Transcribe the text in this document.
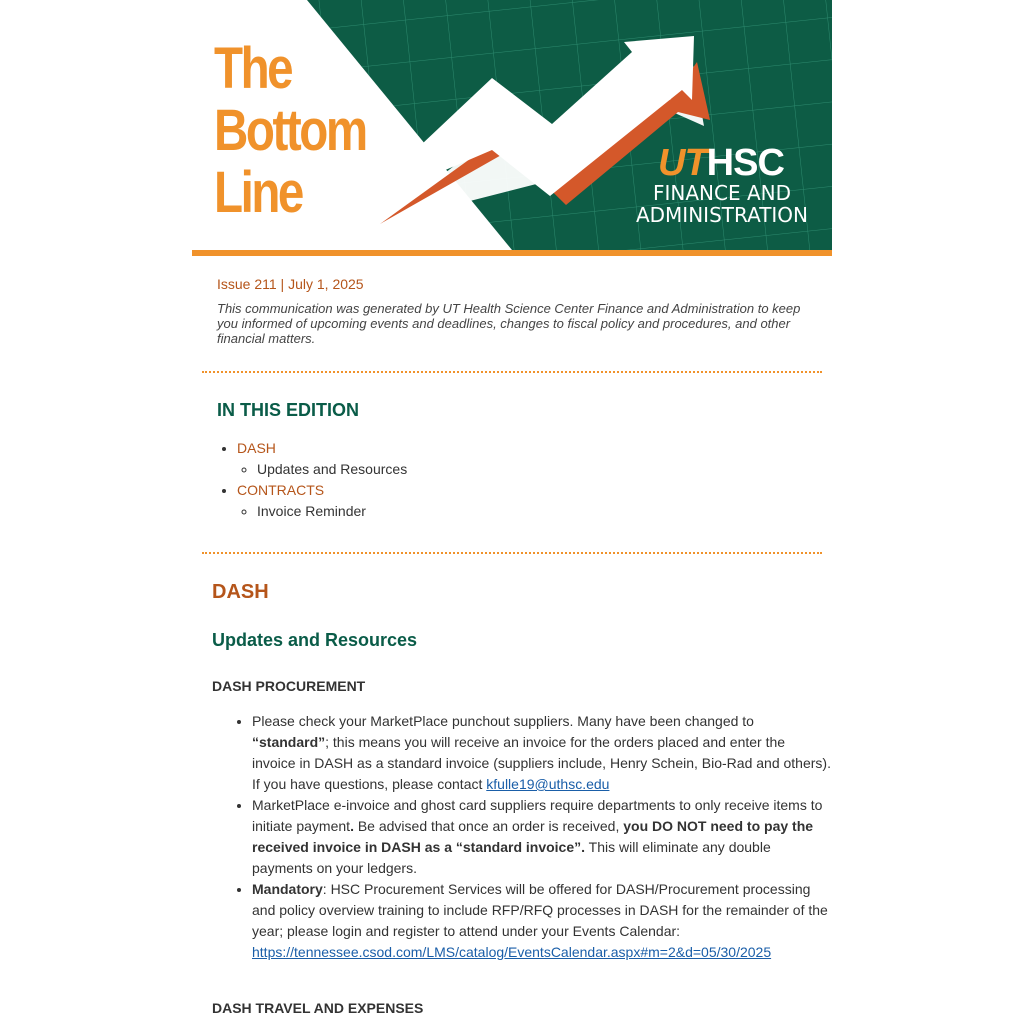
The
Bottom
Line	UTHSC
FINANCE AND ADMINISTRATION
Issue 211 | July 1, 2025
This communication was generated by UT Health Science Center Finance and Administration to keep you informed of upcoming events and deadlines, changes to fiscal policy and procedures, and other financial matters.
IN THIS EDITION
• DASH
◦ Updates and Resources
• CONTRACTS
◦ Invoice Reminder
DASH
Updates and Resources
DASH PROCUREMENT
• Please check your MarketPlace punchout suppliers. Many have been changed to “standard”; this means you will receive an invoice for the orders placed and enter the invoice in DASH as a standard invoice (suppliers include, Henry Schein, Bio-Rad and others). If you have questions, please contact kfulle19@uthsc.edu
• MarketPlace e-invoice and ghost card suppliers require departments to only receive items to initiate payment. Be advised that once an order is received, you DO NOT need to pay the received invoice in DASH as a “standard invoice”. This will eliminate any double payments on your ledgers.
• Mandatory: HSC Procurement Services will be offered for DASH/Procurement processing and policy overview training to include RFP/RFQ processes in DASH for the remainder of the year; please login and register to attend under your Events Calendar: https://tennessee.csod.com/LMS/catalog/EventsCalendar.aspx#m=2&d=05/30/2025
DASH TRAVEL AND EXPENSES
